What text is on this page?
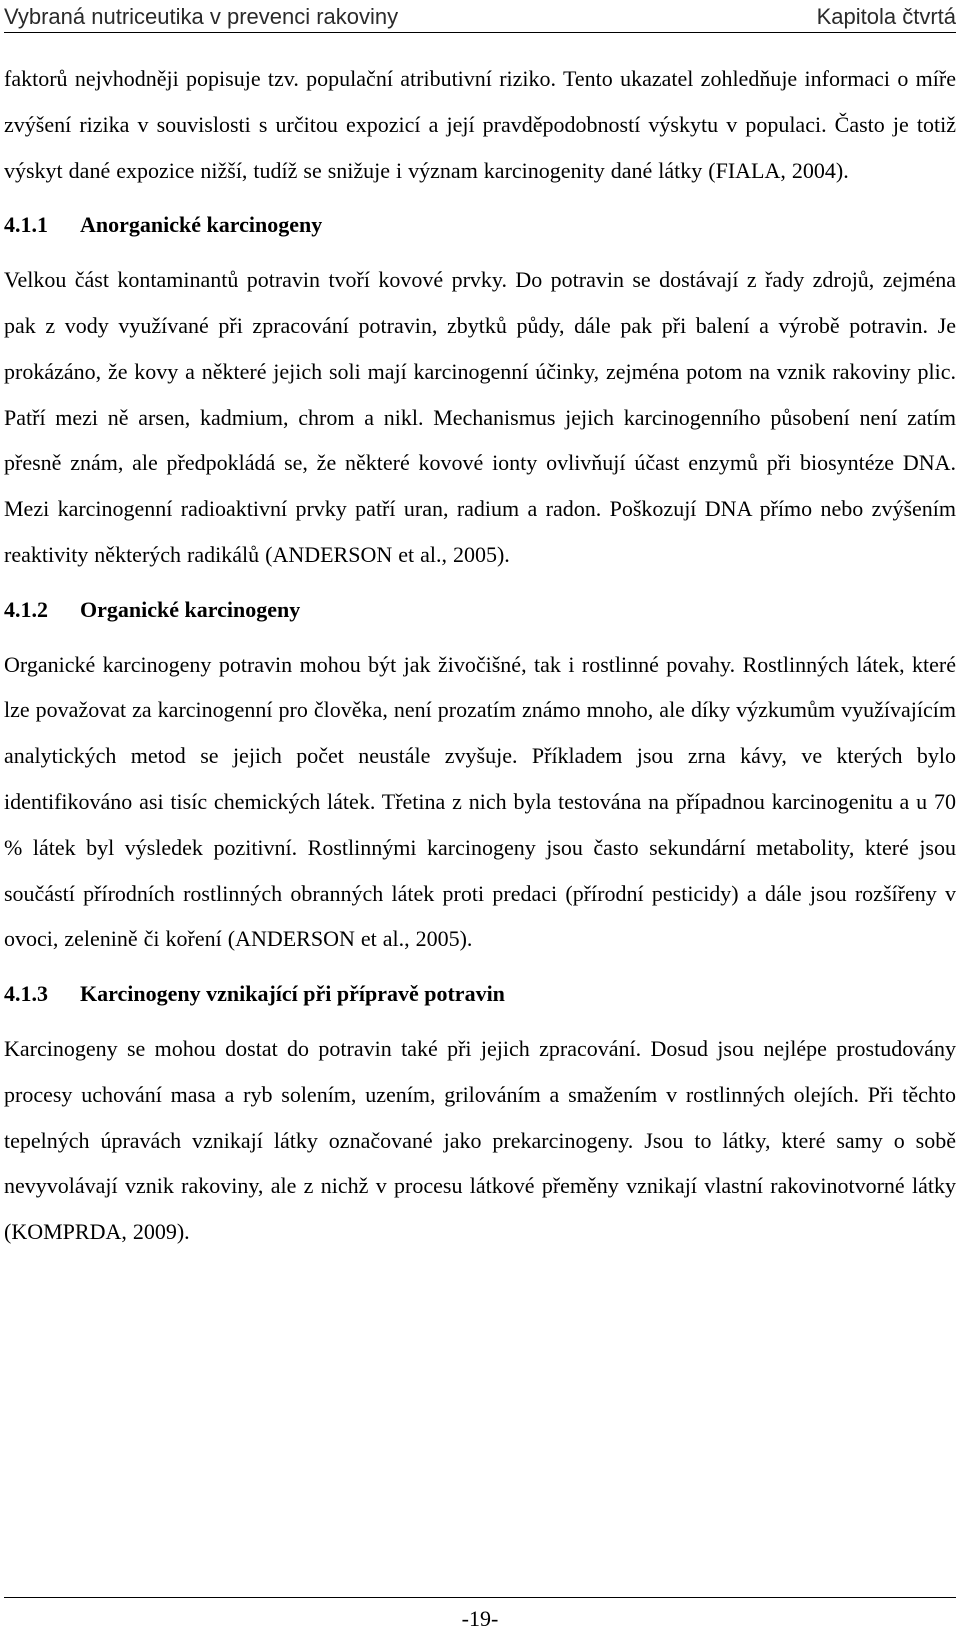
Vybraná nutriceutika v prevenci rakoviny	Kapitola čtvrtá

faktorů nejvhodněji popisuje tzv. populační atributivní riziko. Tento ukazatel zohledňuje informaci o míře zvýšení rizika v souvislosti s určitou expozicí a její pravděpodobností výskytu v populaci. Často je totiž výskyt dané expozice nižší, tudíž se snižuje i význam karcinogenity dané látky (FIALA, 2004).

4.1.1 Anorganické karcinogeny

Velkou část kontaminantů potravin tvoří kovové prvky. Do potravin se dostávají z řady zdrojů, zejména pak z vody využívané při zpracování potravin, zbytků půdy, dále pak při balení a výrobě potravin. Je prokázáno, že kovy a některé jejich soli mají karcinogenní účinky, zejména potom na vznik rakoviny plic. Patří mezi ně arsen, kadmium, chrom a nikl. Mechanismus jejich karcinogenního působení není zatím přesně znám, ale předpokládá se, že některé kovové ionty ovlivňují účast enzymů při biosyntéze DNA. Mezi karcinogenní radioaktivní prvky patří uran, radium a radon. Poškozují DNA přímo nebo zvýšením reaktivity některých radikálů (ANDERSON et al., 2005).

4.1.2 Organické karcinogeny

Organické karcinogeny potravin mohou být jak živočišné, tak i rostlinné povahy. Rostlinných látek, které lze považovat za karcinogenní pro člověka, není prozatím známo mnoho, ale díky výzkumům využívajícím analytických metod se jejich počet neustále zvyšuje. Příkladem jsou zrna kávy, ve kterých bylo identifikováno asi tisíc chemických látek. Třetina z nich byla testována na případnou karcinogenitu a u 70 % látek byl výsledek pozitivní. Rostlinnými karcinogeny jsou často sekundární metabolity, které jsou součástí přírodních rostlinných obranných látek proti predaci (přírodní pesticidy) a dále jsou rozšířeny v ovoci, zelenině či koření (ANDERSON et al., 2005).

4.1.3 Karcinogeny vznikající při přípravě potravin

Karcinogeny se mohou dostat do potravin také při jejich zpracování. Dosud jsou nejlépe prostudovány procesy uchování masa a ryb solením, uzením, grilováním a smažením v rostlinných olejích. Při těchto tepelných úpravách vznikají látky označované jako prekarcinogeny. Jsou to látky, které samy o sobě nevyvolávají vznik rakoviny, ale z nichž v procesu látkové přeměny vznikají vlastní rakovinotvorné látky (KOMPRDA, 2009).

-19-
